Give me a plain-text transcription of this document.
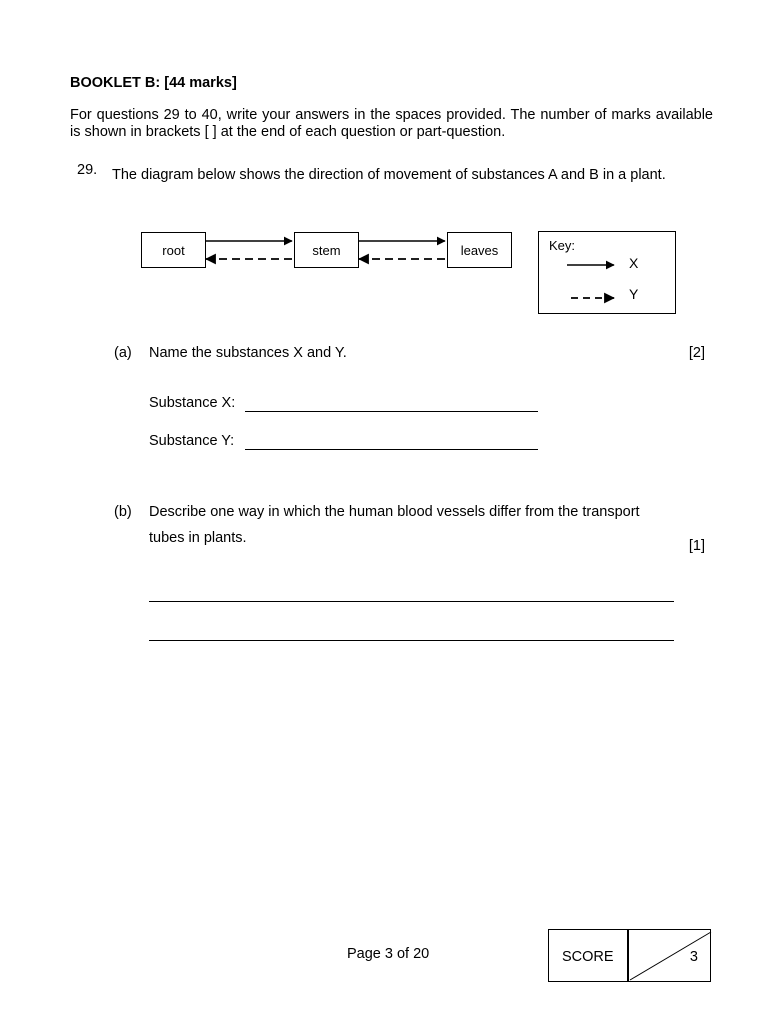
BOOKLET B: [44 marks]
For questions 29 to 40, write your answers in the spaces provided. The number of marks available is shown in brackets [ ] at the end of each question or part-question.
29. The diagram below shows the direction of movement of substances A and B in a plant.
root	stem	leaves	Key:
X
Y
(a) Name the substances X and Y.	[2]
Substance X:
Substance Y:
(b) Describe one way in which the human blood vessels differ from the transport
tubes in plants.	[1]
Page 3 of 20	SCORE	3
